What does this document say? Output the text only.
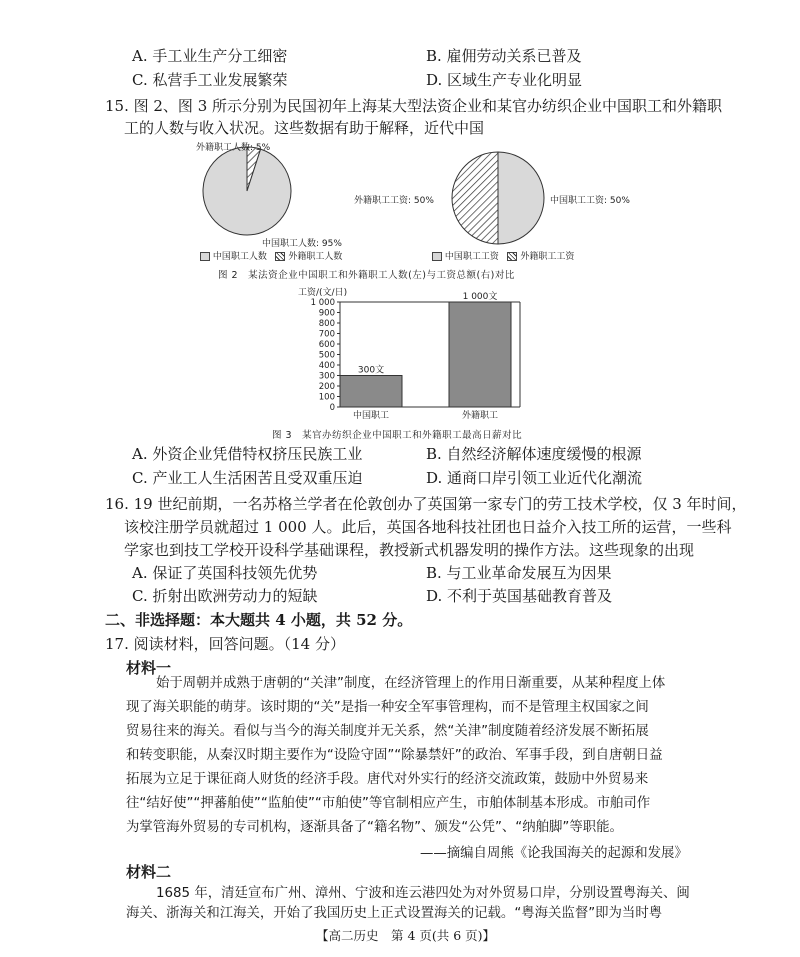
A. 手工业生产分工细密	B. 雇佣劳动关系已普及
C. 私营手工业发展繁荣	D. 区域生产专业化明显
15. 图 2、图 3 所示分别为民国初年上海某大型法资企业和某官办纺织企业中国职工和外籍职
工的人数与收入状况。这些数据有助于解释，近代中国
外籍职工人数: 5%
中国职工人数: 95%
外籍职工工资: 50%	中国职工工资: 50%
中国职工人数 外籍职工人数	中国职工工资 外籍职工工资
图 2　某法资企业中国职工和外籍职工人数(左)与工资总额(右)对比
0
100
200
300
400
500
600
700
800
900
1 000
300文
中国职工
1 000文
外籍职工
工资/(文/日)
图 3　某官办纺织企业中国职工和外籍职工最高日薪对比
A. 外资企业凭借特权挤压民族工业	B. 自然经济解体速度缓慢的根源
C. 产业工人生活困苦且受双重压迫	D. 通商口岸引领工业近代化潮流
16. 19 世纪前期，一名苏格兰学者在伦敦创办了英国第一家专门的劳工技术学校，仅 3 年时间，
该校注册学员就超过 1 000 人。此后，英国各地科技社团也日益介入技工所的运营，一些科
学家也到技工学校开设科学基础课程，教授新式机器发明的操作方法。这些现象的出现
A. 保证了英国科技领先优势	B. 与工业革命发展互为因果
C. 折射出欧洲劳动力的短缺	D. 不利于英国基础教育普及
二、非选择题：本大题共 4 小题，共 52 分。
17. 阅读材料，回答问题。（14 分）
材料一
始于周朝并成熟于唐朝的“关津”制度，在经济管理上的作用日渐重要，从某种程度上体
现了海关职能的萌芽。该时期的“关”是指一种安全军事管理构，而不是管理主权国家之间
贸易往来的海关。看似与当今的海关制度并无关系，然“关津”制度随着经济发展不断拓展
和转变职能，从秦汉时期主要作为“设险守固”“除暴禁奸”的政治、军事手段，到自唐朝日益
拓展为立足于课征商人财货的经济手段。唐代对外实行的经济交流政策，鼓励中外贸易来
往“结好使”“押蕃舶使”“监舶使”“市舶使”等官制相应产生，市舶体制基本形成。市舶司作
为掌管海外贸易的专司机构，逐渐具备了“籍名物”、颁发“公凭”、“纳舶脚”等职能。
——摘编自周熊《论我国海关的起源和发展》
材料二
1685 年，清廷宣布广州、漳州、宁波和连云港四处为对外贸易口岸，分别设置粤海关、闽
海关、浙海关和江海关，开始了我国历史上正式设置海关的记载。“粤海关监督”即为当时粤
【高二历史　第 4 页(共 6 页)】
